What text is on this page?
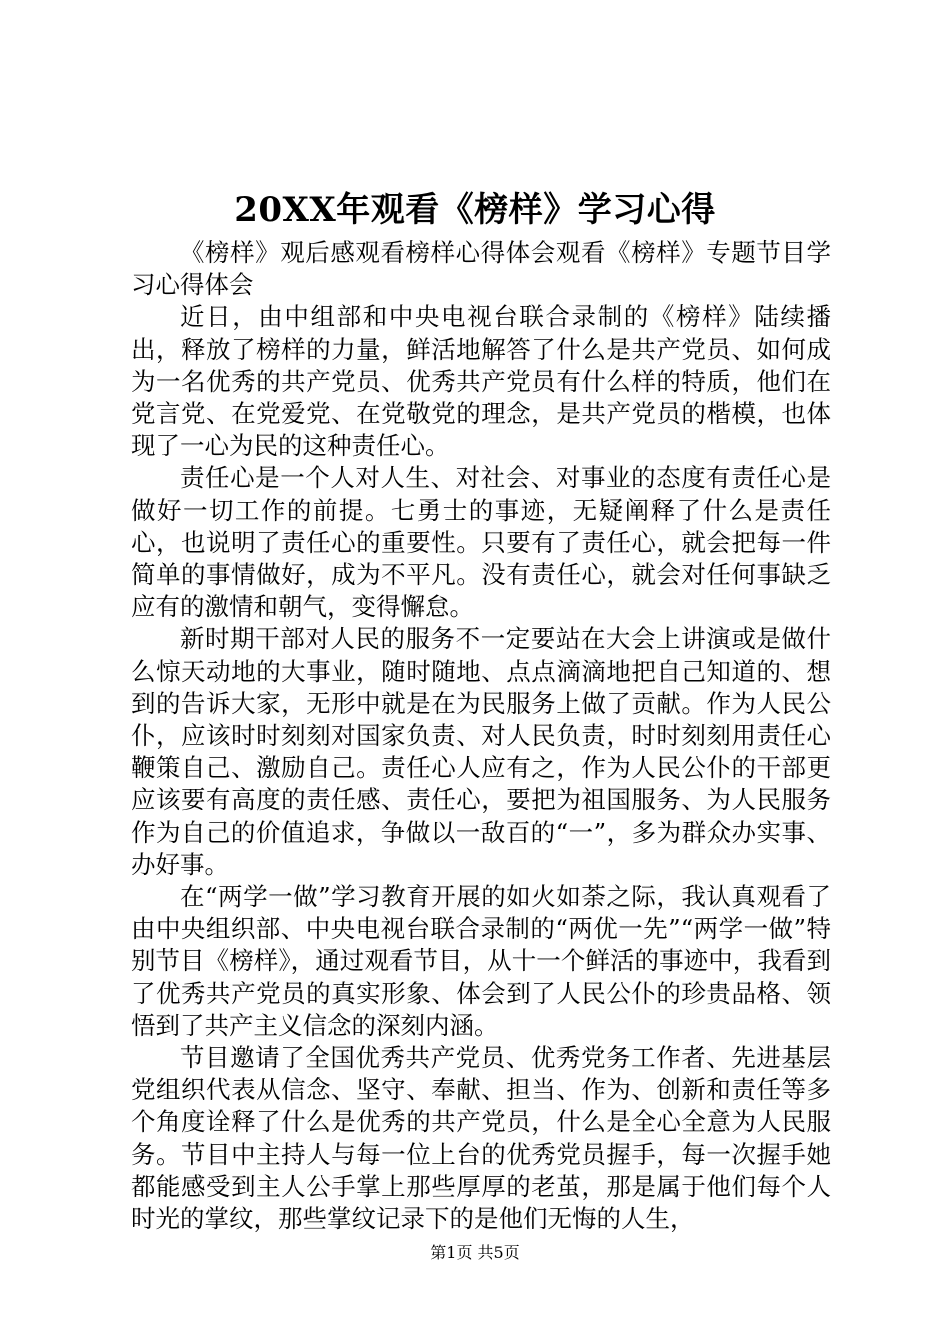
20XX年观看《榜样》学习心得

《榜样》观后感观看榜样心得体会观看《榜样》专题节目学习心得体会

近日，由中组部和中央电视台联合录制的《榜样》陆续播出，释放了榜样的力量，鲜活地解答了什么是共产党员、如何成为一名优秀的共产党员、优秀共产党员有什么样的特质，他们在党言党、在党爱党、在党敬党的理念，是共产党员的楷模，也体现了一心为民的这种责任心。

责任心是一个人对人生、对社会、对事业的态度有责任心是做好一切工作的前提。七勇士的事迹，无疑阐释了什么是责任心，也说明了责任心的重要性。只要有了责任心，就会把每一件简单的事情做好，成为不平凡。没有责任心，就会对任何事缺乏应有的激情和朝气，变得懈怠。

新时期干部对人民的服务不一定要站在大会上讲演或是做什么惊天动地的大事业，随时随地、点点滴滴地把自己知道的、想到的告诉大家，无形中就是在为民服务上做了贡献。作为人民公仆，应该时时刻刻对国家负责、对人民负责，时时刻刻用责任心鞭策自己、激励自己。责任心人应有之，作为人民公仆的干部更应该要有高度的责任感、责任心，要把为祖国服务、为人民服务作为自己的价值追求，争做以一敌百的“一”，多为群众办实事、办好事。

在“两学一做”学习教育开展的如火如荼之际，我认真观看了由中央组织部、中央电视台联合录制的“两优一先”“两学一做”特别节目《榜样》，通过观看节目，从十一个鲜活的事迹中，我看到了优秀共产党员的真实形象、体会到了人民公仆的珍贵品格、领悟到了共产主义信念的深刻内涵。

节目邀请了全国优秀共产党员、优秀党务工作者、先进基层党组织代表从信念、坚守、奉献、担当、作为、创新和责任等多个角度诠释了什么是优秀的共产党员，什么是全心全意为人民服务。节目中主持人与每一位上台的优秀党员握手，每一次握手她都能感受到主人公手掌上那些厚厚的老茧，那是属于他们每个人时光的掌纹，那些掌纹记录下的是他们无悔的人生，

第1页 共5页
